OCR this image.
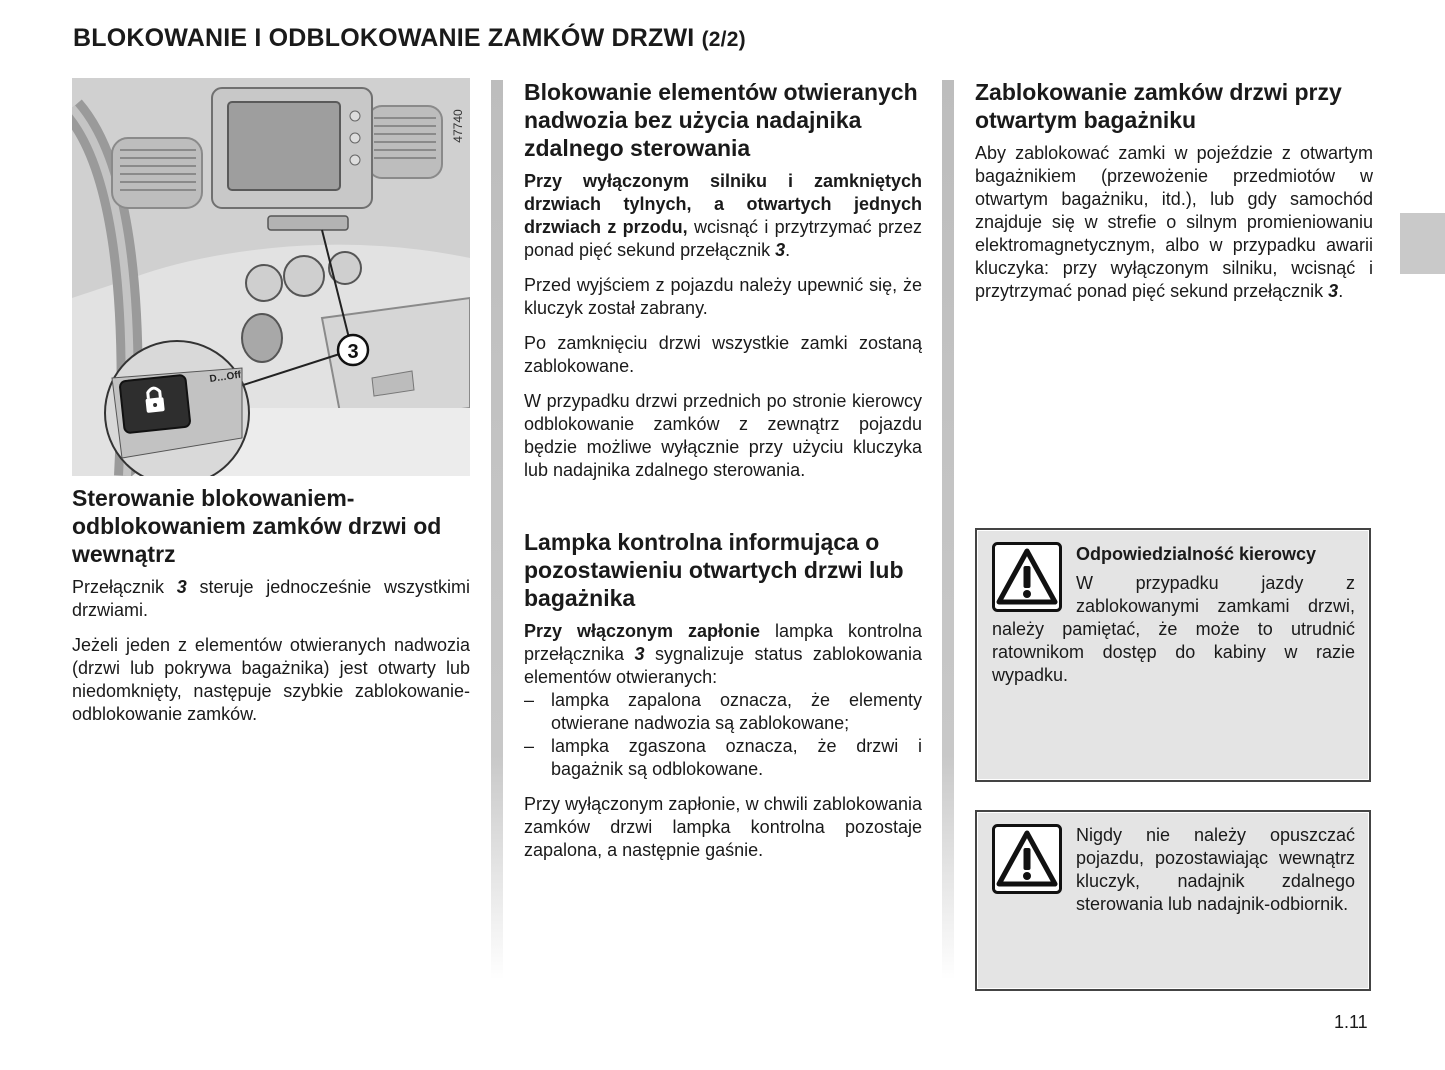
BLOKOWANIE I ODBLOKOWANIE ZAMKÓW DRZWI (2/2)
3
D…Off
47740
Sterowanie blokowaniem-odblokowaniem zamków drzwi od wewnątrz

Przełącznik 3 steruje jednocześnie wszystkimi drzwiami.

Jeżeli jeden z elementów otwieranych nadwozia (drzwi lub pokrywa bagażnika) jest otwarty lub niedomknięty, następuje szybkie zablokowanie-odblokowanie zamków.

Blokowanie elementów otwieranych nadwozia bez użycia nadajnika zdalnego sterowania

Przy wyłączonym silniku i zamkniętych drzwiach tylnych, a otwartych jednych drzwiach z przodu, wcisnąć i przytrzymać przez ponad pięć sekund przełącznik 3.

Przed wyjściem z pojazdu należy upewnić się, że kluczyk został zabrany.

Po zamknięciu drzwi wszystkie zamki zostaną zablokowane.

W przypadku drzwi przednich po stronie kierowcy odblokowanie zamków z zewnątrz pojazdu będzie możliwe wyłącznie przy użyciu kluczyka lub nadajnika zdalnego sterowania.

Lampka kontrolna informująca o pozostawieniu otwartych drzwi lub bagażnika

Przy włączonym zapłonie lampka kontrolna przełącznika 3 sygnalizuje status zablokowania elementów otwieranych:

– lampka zapalona oznacza, że elementy otwierane nadwozia są zablokowane;
– lampka zgaszona oznacza, że drzwi i bagażnik są odblokowane.

Przy wyłączonym zapłonie, w chwili zablokowania zamków drzwi lampka kontrolna pozostaje zapalona, a następnie gaśnie.

Zablokowanie zamków drzwi przy otwartym bagażniku

Aby zablokować zamki w pojeździe z otwartym bagażnikiem (przewożenie przedmiotów w otwartym bagażniku, itd.), lub gdy samochód znajduje się w strefie o silnym promieniowaniu elektromagnetycznym, albo w przypadku awarii kluczyka: przy wyłączonym silniku, wcisnąć i przytrzymać ponad pięć sekund przełącznik 3.

Odpowiedzialność kierowcy

W przypadku jazdy z zablokowanymi zamkami drzwi, należy pamiętać, że może to utrudnić ratownikom dostęp do kabiny w razie wypadku.

Nigdy nie należy opuszczać pojazdu, pozostawiając wewnątrz kluczyk, nadajnik zdalnego sterowania lub nadajnik-odbiornik.

1.11
